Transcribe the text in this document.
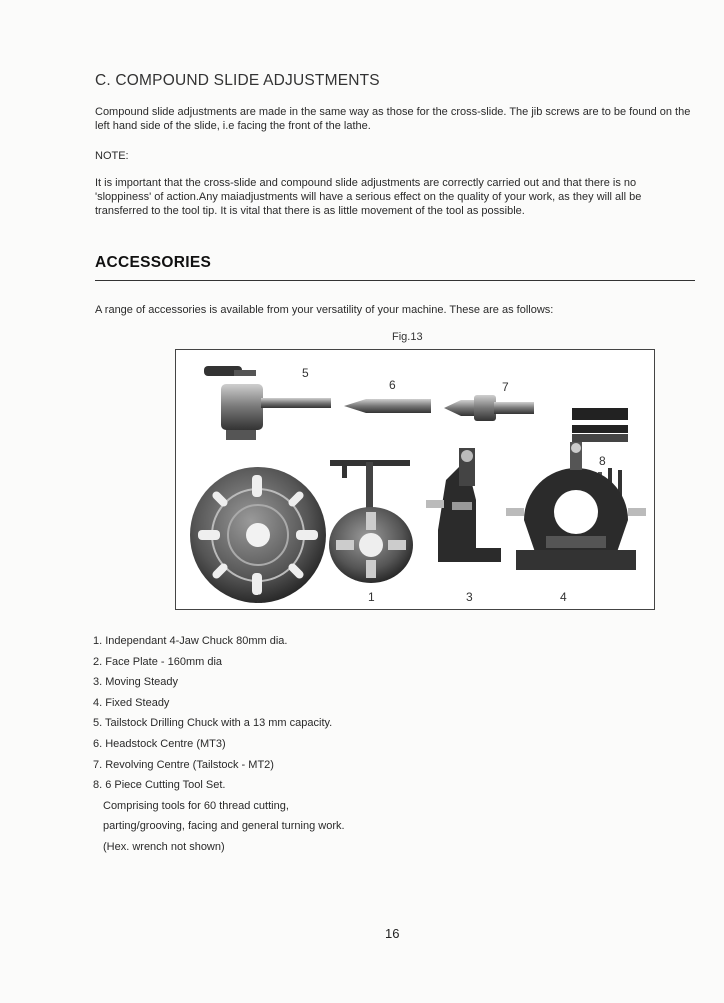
C. COMPOUND SLIDE ADJUSTMENTS

Compound slide adjustments are made in the same way as those for the cross-slide. The jib screws are to be found on the left hand side of the slide, i.e facing the front of the lathe.

NOTE:

It is important that the cross-slide and compound slide adjustments are correctly carried out and that there is no 'sloppiness' of action.Any maiadjustments will have a serious effect on the quality of your work, as they will all be transferred to the tool tip. It is vital that there is as little movement of the tool as possible.

ACCESSORIES

A range of accessories is available from your versatility of your machine. These are as follows:

Fig.13
5
6	7
8
2	1	3	4
1. Independant 4-Jaw Chuck 80mm dia.
2. Face Plate - 160mm dia
3. Moving Steady
4. Fixed Steady
5. Tailstock Drilling Chuck with a 13 mm capacity.
6. Headstock Centre (MT3)
7. Revolving Centre (Tailstock - MT2)
8. 6 Piece Cutting Tool Set.
Comprising tools for 60 thread cutting,
parting/grooving, facing and general turning work.
(Hex. wrench not shown)
16
